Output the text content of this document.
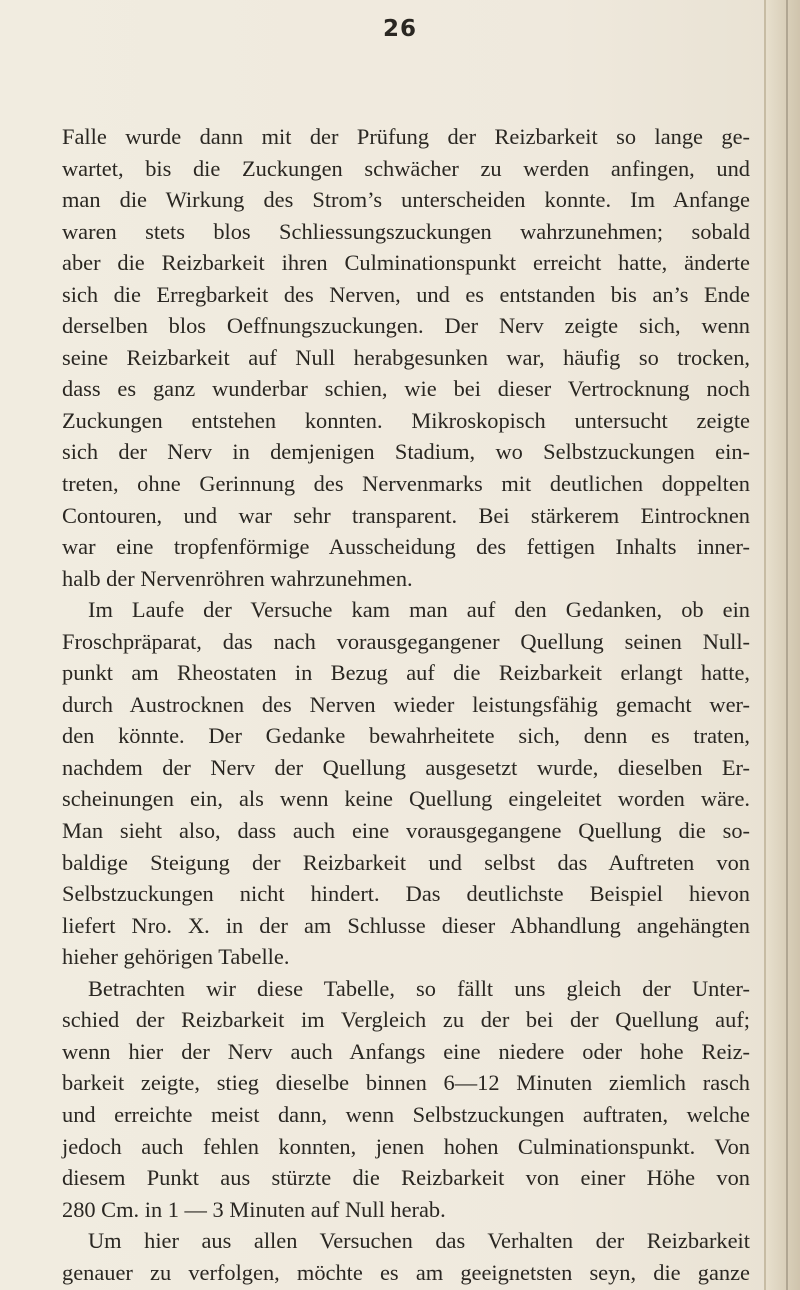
26
Falle wurde dann mit der Prüfung der Reizbarkeit so lange ge-
wartet, bis die Zuckungen schwächer zu werden anfingen, und
man die Wirkung des Strom’s unterscheiden konnte. Im Anfange
waren stets blos Schliessungszuckungen wahrzunehmen; sobald
aber die Reizbarkeit ihren Culminationspunkt erreicht hatte, änderte
sich die Erregbarkeit des Nerven, und es entstanden bis an’s Ende
derselben blos Oeffnungszuckungen. Der Nerv zeigte sich, wenn
seine Reizbarkeit auf Null herabgesunken war, häufig so trocken,
dass es ganz wunderbar schien, wie bei dieser Vertrocknung noch
Zuckungen entstehen konnten. Mikroskopisch untersucht zeigte
sich der Nerv in demjenigen Stadium, wo Selbstzuckungen ein-
treten, ohne Gerinnung des Nervenmarks mit deutlichen doppelten
Contouren, und war sehr transparent. Bei stärkerem Eintrocknen
war eine tropfenförmige Ausscheidung des fettigen Inhalts inner-
halb der Nervenröhren wahrzunehmen.
Im Laufe der Versuche kam man auf den Gedanken, ob ein
Froschpräparat, das nach vorausgegangener Quellung seinen Null-
punkt am Rheostaten in Bezug auf die Reizbarkeit erlangt hatte,
durch Austrocknen des Nerven wieder leistungsfähig gemacht wer-
den könnte. Der Gedanke bewahrheitete sich, denn es traten,
nachdem der Nerv der Quellung ausgesetzt wurde, dieselben Er-
scheinungen ein, als wenn keine Quellung eingeleitet worden wäre.
Man sieht also, dass auch eine vorausgegangene Quellung die so-
baldige Steigung der Reizbarkeit und selbst das Auftreten von
Selbstzuckungen nicht hindert. Das deutlichste Beispiel hievon
liefert Nro. X. in der am Schlusse dieser Abhandlung angehängten
hieher gehörigen Tabelle.
Betrachten wir diese Tabelle, so fällt uns gleich der Unter-
schied der Reizbarkeit im Vergleich zu der bei der Quellung auf;
wenn hier der Nerv auch Anfangs eine niedere oder hohe Reiz-
barkeit zeigte, stieg dieselbe binnen 6—12 Minuten ziemlich rasch
und erreichte meist dann, wenn Selbstzuckungen auftraten, welche
jedoch auch fehlen konnten, jenen hohen Culminationspunkt. Von
diesem Punkt aus stürzte die Reizbarkeit von einer Höhe von
280 Cm. in 1 — 3 Minuten auf Null herab.
Um hier aus allen Versuchen das Verhalten der Reizbarkeit
genauer zu verfolgen, möchte es am geeignetsten seyn, die ganze
